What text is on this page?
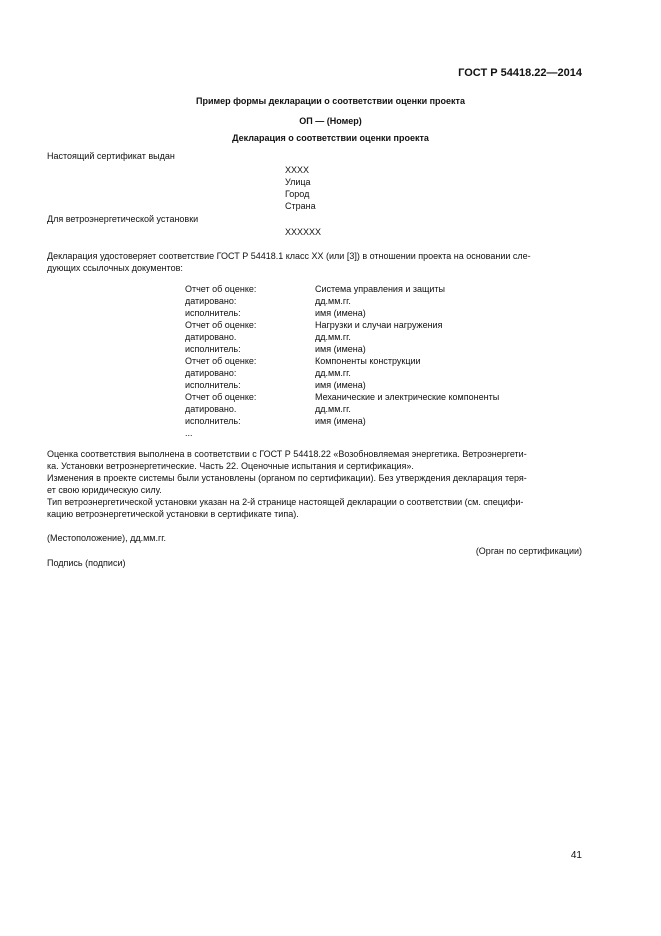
ГОСТ Р 54418.22—2014
Пример формы декларации о соответствии оценки проекта
ОП — (Номер)
Декларация о соответствии оценки проекта
Настоящий сертификат выдан
XXXX
Улица
Город
Страна
Для ветроэнергетической установки
XXXXXX
Декларация удостоверяет соответствие ГОСТ Р 54418.1 класс XX (или [3]) в отношении проекта на основании сле-
дующих ссылочных документов:
Отчет об оценке:	Система управления и защиты
датировано:	дд.мм.гг.
исполнитель:	имя (имена)
Отчет об оценке:	Нагрузки и случаи нагружения
датировано.	дд.мм.гг.
исполнитель:	имя (имена)
Отчет об оценке:	Компоненты конструкции
датировано:	дд.мм.гг.
исполнитель:	имя (имена)
Отчет об оценке:	Механические и электрические компоненты
датировано.	дд.мм.гг.
исполнитель:	имя (имена)
...
Оценка соответствия выполнена в соответствии с ГОСТ Р 54418.22 «Возобновляемая энергетика. Ветроэнергети-
ка. Установки ветроэнергетические. Часть 22. Оценочные испытания и сертификация».
Изменения в проекте системы были установлены (органом по сертификации). Без утверждения декларация теря-
ет свою юридическую силу.
Тип ветроэнергетической установки указан на 2-й странице настоящей декларации о соответствии (см. специфи-
кацию ветроэнергетической установки в сертификате типа).
(Местоположение), дд.мм.гг.
(Орган по сертификации)
Подпись (подписи)
41
